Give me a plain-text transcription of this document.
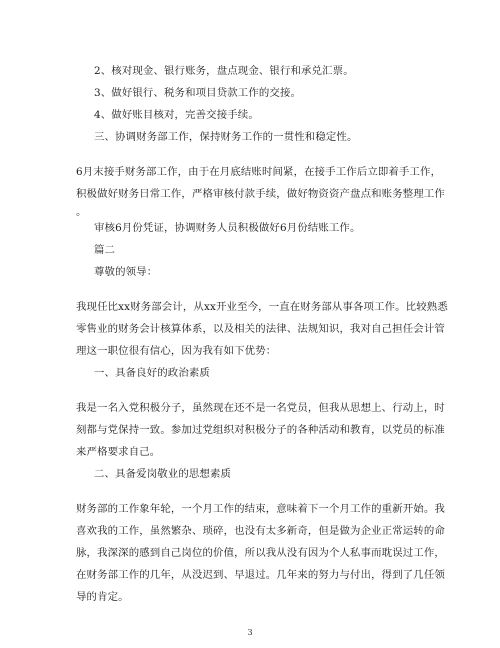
2、核对现金、银行账务，盘点现金、银行和承兑汇票。
3、做好银行、税务和项目贷款工作的交接。
4、做好账目核对，完善交接手续。
三、协调财务部工作，保持财务工作的一贯性和稳定性。
6月末接手财务部工作，由于在月底结账时间紧，在接手工作后立即着手工作，
积极做好财务日常工作，严格审核付款手续，做好物资资产盘点和账务整理工作
。
审核6月份凭证，协调财务人员积极做好6月份结账工作。
篇二
尊敬的领导：
我现任比xx财务部会计，从xx开业至今，一直在财务部从事各项工作。比较熟悉
零售业的财务会计核算体系，以及相关的法律、法规知识，我对自己担任会计管
理这一职位很有信心，因为我有如下优势：
一、具备良好的政治素质
我是一名入党积极分子，虽然现在还不是一名党员，但我从思想上、行动上，时
刻都与党保持一致。参加过党组织对积极分子的各种活动和教育，以党员的标准
来严格要求自己。
二、具备爱岗敬业的思想素质
财务部的工作象年轮，一个月工作的结束，意味着下一个月工作的重新开始。我
喜欢我的工作，虽然繁杂、琐碎，也没有太多新奇，但是做为企业正常运转的命
脉，我深深的感到自己岗位的价值，所以我从没有因为个人私事而耽误过工作，
在财务部工作的几年，从没迟到、早退过。几年来的努力与付出，得到了几任领
导的肯定。
3
